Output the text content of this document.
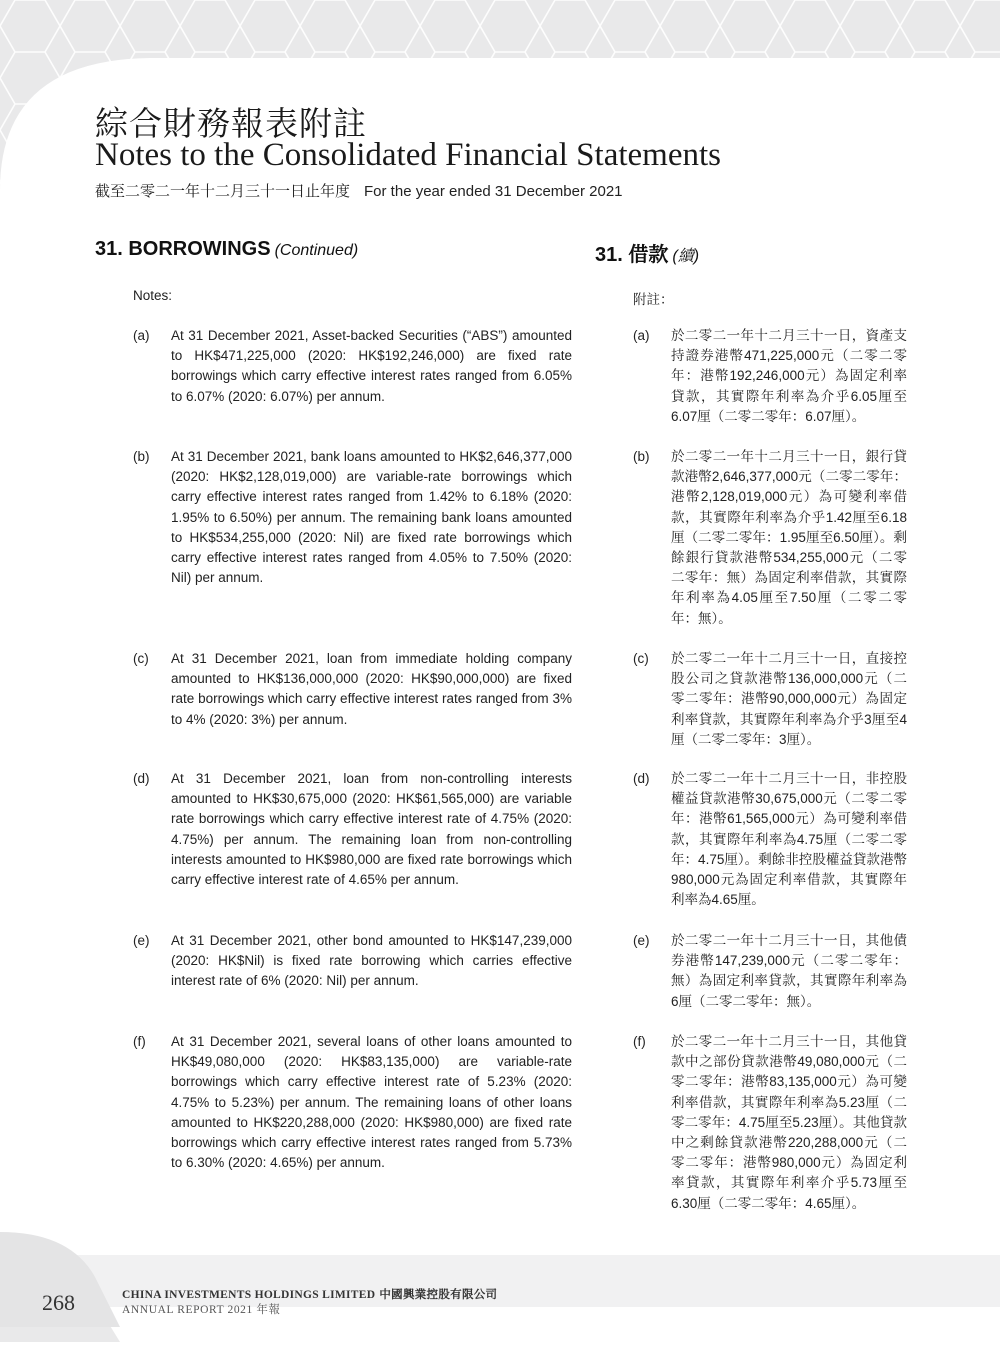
綜合財務報表附註
Notes to the Consolidated Financial Statements
截至二零二一年十二月三十一日止年度 For the year ended 31 December 2021
31. BORROWINGS (Continued)	31. 借款 (續)
Notes:	附註：
(a) At 31 December 2021, Asset-backed Securities (“ABS”) amounted to HK$471,225,000 (2020: HK$192,246,000) are fixed rate borrowings which carry effective interest rates ranged from 6.05% to 6.07% (2020: 6.07%) per annum.
(b) At 31 December 2021, bank loans amounted to HK$2,646,377,000 (2020: HK$2,128,019,000) are variable-rate borrowings which carry effective interest rates ranged from 1.42% to 6.18% (2020: 1.95% to 6.50%) per annum. The remaining bank loans amounted to HK$534,255,000 (2020: Nil) are fixed rate borrowings which carry effective interest rates ranged from 4.05% to 7.50% (2020: Nil) per annum.
(c) At 31 December 2021, loan from immediate holding company amounted to HK$136,000,000 (2020: HK$90,000,000) are fixed rate borrowings which carry effective interest rates ranged from 3% to 4% (2020: 3%) per annum.
(d) At 31 December 2021, loan from non-controlling interests amounted to HK$30,675,000 (2020: HK$61,565,000) are variable rate borrowings which carry effective interest rate of 4.75% (2020: 4.75%) per annum. The remaining loan from non-controlling interests amounted to HK$980,000 are fixed rate borrowings which carry effective interest rate of 4.65% per annum.
(e) At 31 December 2021, other bond amounted to HK$147,239,000 (2020: HK$Nil) is fixed rate borrowing which carries effective interest rate of 6% (2020: Nil) per annum.
(f) At 31 December 2021, several loans of other loans amounted to HK$49,080,000 (2020: HK$83,135,000) are variable-rate borrowings which carry effective interest rate of 5.23% (2020: 4.75% to 5.23%) per annum. The remaining loans of other loans amounted to HK$220,288,000 (2020: HK$980,000) are fixed rate borrowings which carry effective interest rates ranged from 5.73% to 6.30% (2020: 4.65%) per annum.
(a) 於二零二一年十二月三十一日，資產支持證券港幣471,225,000元（二零二零年：港幣192,246,000元）為固定利率貸款，其實際年利率為介乎6.05厘至6.07厘（二零二零年：6.07厘）。
(b) 於二零二一年十二月三十一日，銀行貸款港幣2,646,377,000元（二零二零年：港幣2,128,019,000元）為可變利率借款，其實際年利率為介乎1.42厘至6.18厘（二零二零年：1.95厘至6.50厘）。剩餘銀行貸款港幣534,255,000元（二零二零年：無）為固定利率借款，其實際年利率為4.05厘至7.50厘（二零二零年：無）。
(c) 於二零二一年十二月三十一日，直接控股公司之貸款港幣136,000,000元（二零二零年：港幣90,000,000元）為固定利率貸款，其實際年利率為介乎3厘至4厘（二零二零年：3厘）。
(d) 於二零二一年十二月三十一日，非控股權益貸款港幣30,675,000元（二零二零年：港幣61,565,000元）為可變利率借款，其實際年利率為4.75厘（二零二零年：4.75厘）。剩餘非控股權益貸款港幣980,000元為固定利率借款，其實際年利率為4.65厘。
(e) 於二零二一年十二月三十一日，其他債券港幣147,239,000元（二零二零年：無）為固定利率貸款，其實際年利率為6厘（二零二零年：無）。
(f) 於二零二一年十二月三十一日，其他貸款中之部份貸款港幣49,080,000元（二零二零年：港幣83,135,000元）為可變利率借款，其實際年利率為5.23厘（二零二零年：4.75厘至5.23厘）。其他貸款中之剩餘貸款港幣220,288,000元（二零二零年：港幣980,000元）為固定利率貸款，其實際年利率介乎5.73厘至6.30厘（二零二零年：4.65厘）。
268	CHINA INVESTMENTS HOLDINGS LIMITED 中國興業控股有限公司
ANNUAL REPORT 2021 年報
